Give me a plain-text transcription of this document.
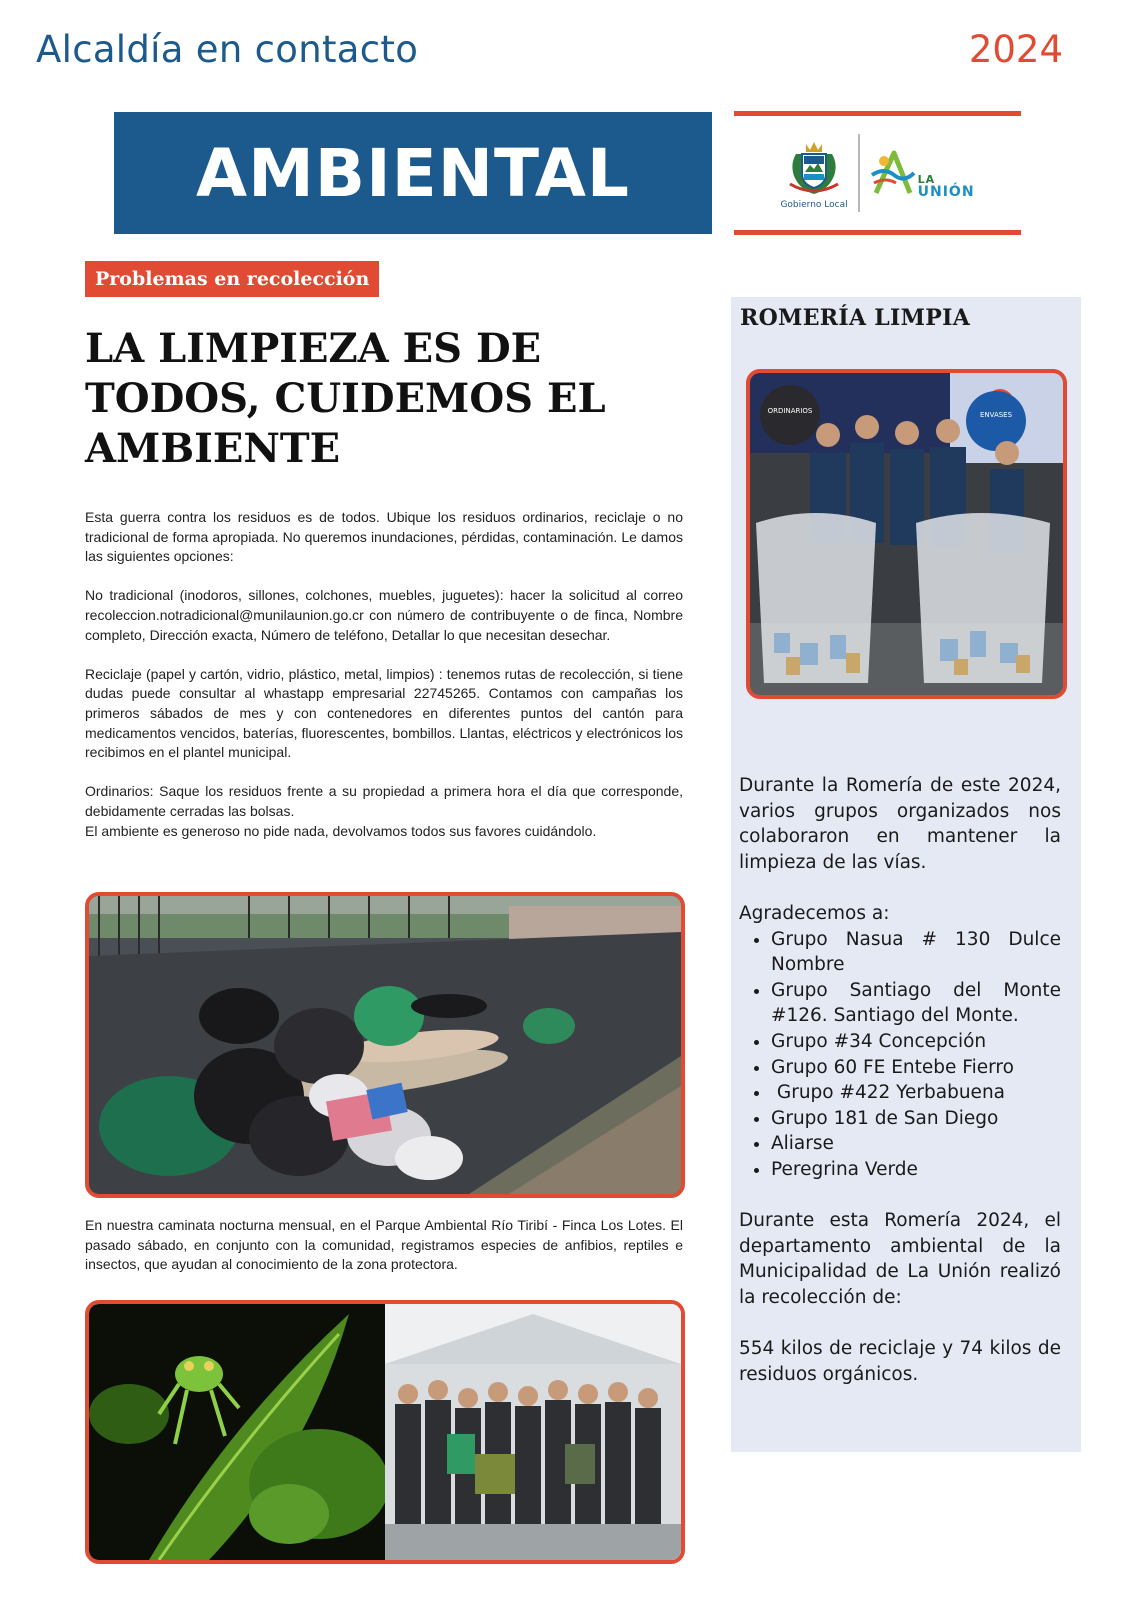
Alcaldía en contacto	2024
AMBIENTAL	Gobierno Local
LA
UNIÓN
Problemas en recolección
LA LIMPIEZA ES DE TODOS, CUIDEMOS EL AMBIENTE

Esta guerra contra los residuos es de todos. Ubique los residuos ordinarios, reciclaje o no tradicional de forma apropiada. No queremos inundaciones, pérdidas, contaminación. Le damos las siguientes opciones:

No tradicional (inodoros, sillones, colchones, muebles, juguetes): hacer la solicitud al correo recoleccion.notradicional@munilaunion.go.cr con número de contribuyente o de finca, Nombre completo, Dirección exacta, Número de teléfono, Detallar lo que necesitan desechar.

Reciclaje (papel y cartón, vidrio, plástico, metal, limpios) : tenemos rutas de recolección, si tiene dudas puede consultar al whastapp empresarial 22745265. Contamos con campañas los primeros sábados de mes y con contenedores en diferentes puntos del cantón para medicamentos vencidos, baterías, fluorescentes, bombillos. Llantas, eléctricos y electrónicos los recibimos en el plantel municipal.

Ordinarios: Saque los residuos frente a su propiedad a primera hora el día que corresponde, debidamente cerradas las bolsas.

El ambiente es generoso no pide nada, devolvamos todos sus favores cuidándolo.

En nuestra caminata nocturna mensual, en el Parque Ambiental Río Tiribí - Finca Los Lotes. El pasado sábado, en conjunto con la comunidad, registramos especies de anfibios, reptiles e insectos, que ayudan al conocimiento de la zona protectora.
ROMERÍA LIMPIA
ORDINARIOS	ENVASES

Durante la Romería de este 2024, varios grupos organizados nos colaboraron en mantener la limpieza de las vías.

Agradecemos a:

• Grupo Nasua # 130 Dulce Nombre
• Grupo Santiago del Monte #126. Santiago del Monte.
• Grupo #34 Concepción
• Grupo 60 FE Entebe Fierro
•  Grupo #422 Yerbabuena
• Grupo 181 de San Diego
• Aliarse
• Peregrina Verde

Durante esta Romería 2024, el departamento ambiental de la Municipalidad de La Unión realizó la recolección de:

554 kilos de reciclaje y 74 kilos de residuos orgánicos.
